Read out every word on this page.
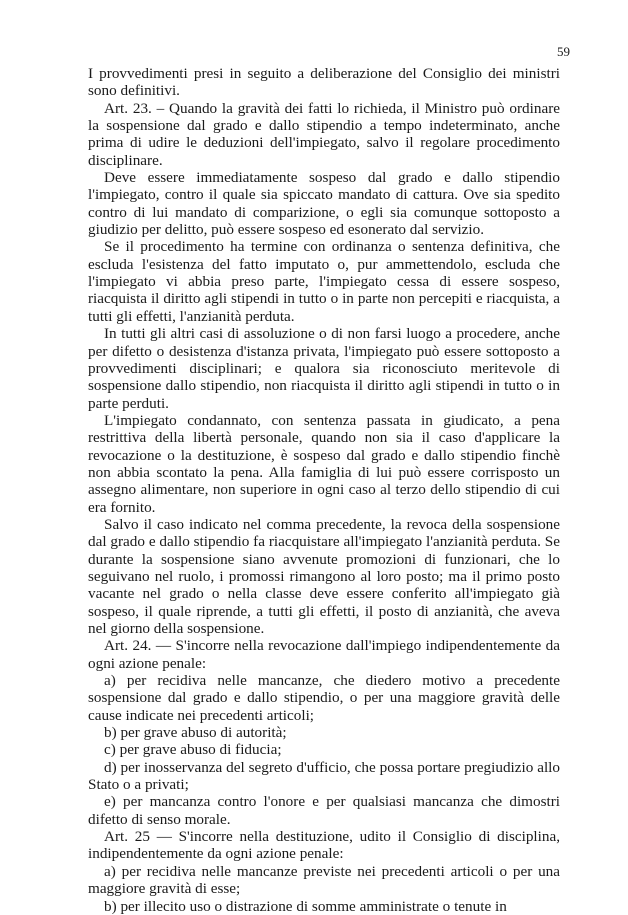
59

I provvedimenti presi in seguito a deliberazione del Consiglio dei ministri sono definitivi.

Art. 23. – Quando la gravità dei fatti lo richieda, il Ministro può ordinare la sospensione dal grado e dallo stipendio a tempo indeterminato, anche prima di udire le deduzioni dell'impiegato, salvo il regolare procedimento disciplinare.

Deve essere immediatamente sospeso dal grado e dallo stipendio l'impiegato, contro il quale sia spiccato mandato di cattura. Ove sia spedito contro di lui mandato di comparizione, o egli sia comunque sottoposto a giudizio per delitto, può essere sospeso ed esonerato dal servizio.

Se il procedimento ha termine con ordinanza o sentenza definitiva, che escluda l'esistenza del fatto imputato o, pur ammettendolo, escluda che l'impiegato vi abbia preso parte, l'impiegato cessa di essere sospeso, riacquista il diritto agli stipendi in tutto o in parte non percepiti e riacquista, a tutti gli effetti, l'anzianità perduta.

In tutti gli altri casi di assoluzione o di non farsi luogo a procedere, anche per difetto o desistenza d'istanza privata, l'impiegato può essere sottoposto a provvedimenti disciplinari; e qualora sia riconosciuto meritevole di sospensione dallo stipendio, non riacquista il diritto agli stipendi in tutto o in parte perduti.

L'impiegato condannato, con sentenza passata in giudicato, a pena restrittiva della libertà personale, quando non sia il caso d'applicare la revocazione o la destituzione, è sospeso dal grado e dallo stipendio finchè non abbia scontato la pena. Alla famiglia di lui può essere corrisposto un assegno alimentare, non superiore in ogni caso al terzo dello stipendio di cui era fornito.

Salvo il caso indicato nel comma precedente, la revoca della sospensione dal grado e dallo stipendio fa riacquistare all'impiegato l'anzianità perduta. Se durante la sospensione siano avvenute promozioni di funzionari, che lo seguivano nel ruolo, i promossi rimangono al loro posto; ma il primo posto vacante nel grado o nella classe deve essere conferito all'impiegato già sospeso, il quale riprende, a tutti gli effetti, il posto di anzianità, che aveva nel giorno della sospensione.

Art. 24. — S'incorre nella revocazione dall'impiego indipendentemente da ogni azione penale:

a) per recidiva nelle mancanze, che diedero motivo a precedente sospensione dal grado e dallo stipendio, o per una maggiore gravità delle cause indicate nei precedenti articoli;

b) per grave abuso di autorità;

c) per grave abuso di fiducia;

d) per inosservanza del segreto d'ufficio, che possa portare pregiudizio allo Stato o a privati;

e) per mancanza contro l'onore e per qualsiasi mancanza che dimostri difetto di senso morale.

Art. 25 — S'incorre nella destituzione, udito il Consiglio di disciplina, indipendentemente da ogni azione penale:

a) per recidiva nelle mancanze previste nei precedenti articoli o per una maggiore gravità di esse;

b) per illecito uso o distrazione di somme amministrate o tenute in
